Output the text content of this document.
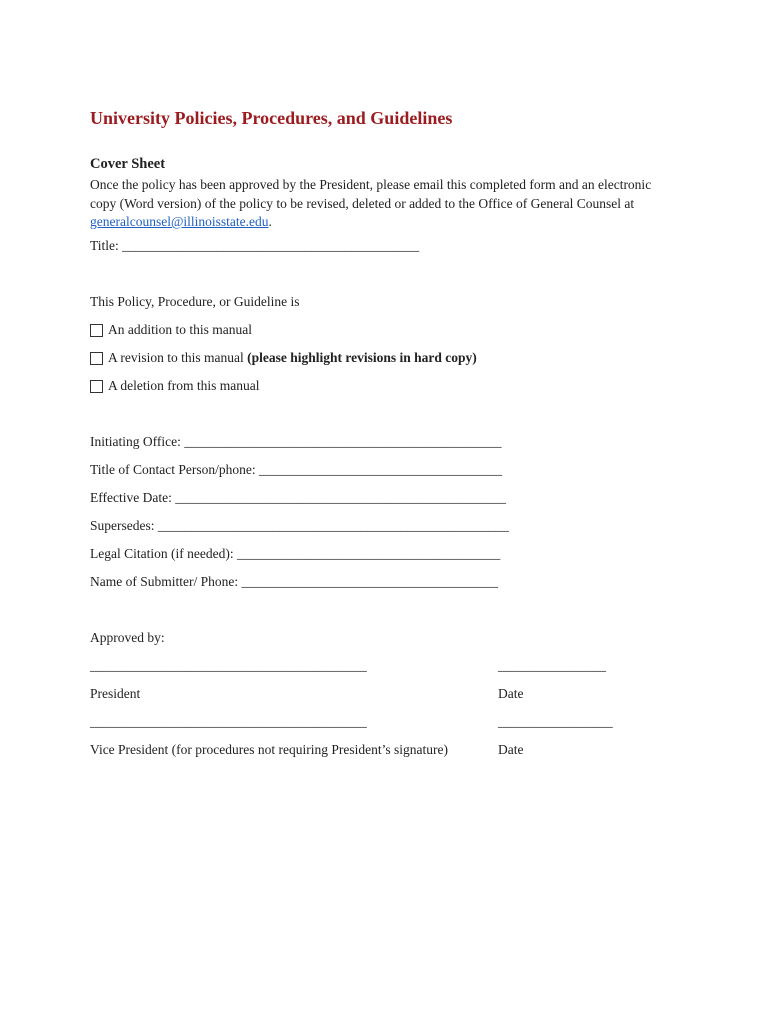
University Policies, Procedures, and Guidelines
Cover Sheet
Once the policy has been approved by the President, please email this completed form and an electronic
copy (Word version) of the policy to be revised, deleted or added to the Office of General Counsel at
generalcounsel@illinoisstate.edu.
Title: ____________________________________________
This Policy, Procedure, or Guideline is
An addition to this manual
A revision to this manual (please highlight revisions in hard copy)
A deletion from this manual
Initiating Office: _______________________________________________
Title of Contact Person/phone: ____________________________________
Effective Date: _________________________________________________
Supersedes: ____________________________________________________
Legal Citation (if needed): _______________________________________
Name of Submitter/ Phone: ______________________________________
Approved by:
_________________________________________	________________
President	Date
_________________________________________	_________________
Vice President (for procedures not requiring President’s signature)	Date
